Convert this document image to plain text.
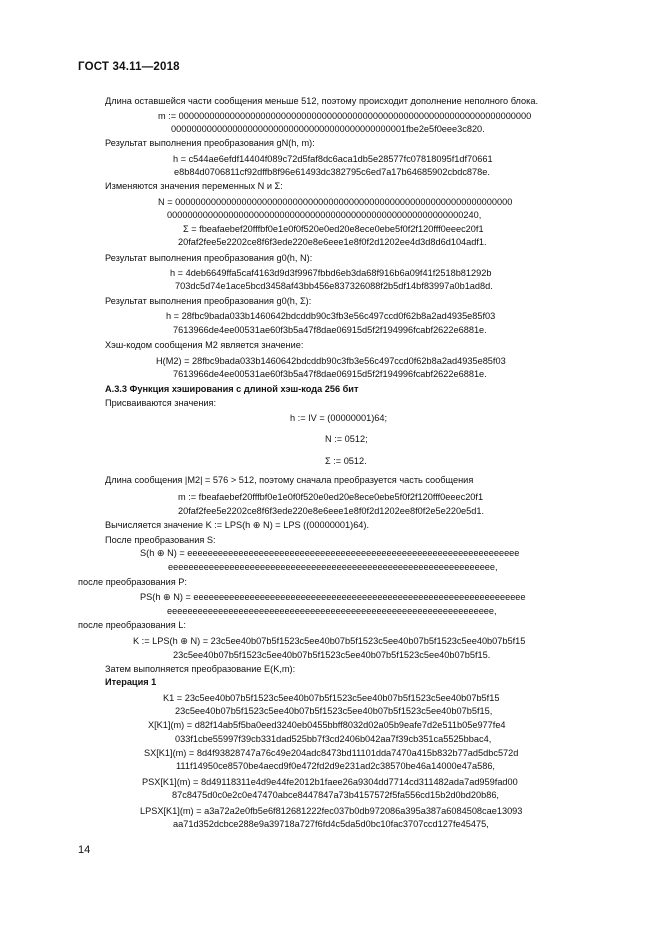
ГОСТ 34.11—2018
Длина оставшейся части сообщения меньше 512, поэтому происходит дополнение неполного блока.
m := 000000000000000000000000000000000000000000000000000000000000000000000
0000000000000000000000000000000000000000000001fbe2e5f0eee3c820.
Результат выполнения преобразования gN(h, m):
h = c544ae6efdf14404f089c72d5faf8dc6aca1db5e28577fc07818095f1df70661
e8b84d0706811cf92dffb8f96e61493dc382795c6ed7a17b64685902cbdc878e.
Изменяются значения переменных N и Σ:
N = 000000000000000000000000000000000000000000000000000000000000000000
0000000000000000000000000000000000000000000000000000000000240,
Σ = fbeafaebef20fffbf0e1e0f0f520e0ed20e8ece0ebe5f0f2f120fff0eeec20f1
20faf2fee5e2202ce8f6f3ede220e8e6eee1e8f0f2d1202ee4d3d8d6d104adf1.
Результат выполнения преобразования g0(h, N):
h = 4deb6649ffa5caf4163d9d3f9967fbbd6eb3da68f916b6a09f41f2518b81292b
703dc5d74e1ace5bcd3458af43bb456e837326088f2b5df14bf83997a0b1ad8d.
Результат выполнения преобразования g0(h, Σ):
h = 28fbc9bada033b1460642bdcddb90c3fb3e56c497ccd0f62b8a2ad4935e85f03
7613966de4ee00531ae60f3b5a47f8dae06915d5f2f194996fcabf2622e6881e.
Хэш-кодом сообщения M2 является значение:
H(M2) = 28fbc9bada033b1460642bdcddb90c3fb3e56c497ccd0f62b8a2ad4935e85f03
7613966de4ee00531ae60f3b5a47f8dae06915d5f2f194996fcabf2622e6881e.
А.3.3 Функция хэширования с длиной хэш-кода 256 бит
Присваиваются значения:
h := IV = (00000001)64;
N := 0512;
Σ := 0512.
Длина сообщения |M2| = 576 > 512, поэтому сначала преобразуется часть сообщения
m := fbeafaebef20fffbf0e1e0f0f520e0ed20e8ece0ebe5f0f2f120fff0eeec20f1
20faf2fee5e2202ce8f6f3ede220e8e6eee1e8f0f2d1202ee8f0f2e5e220e5d1.
Вычисляется значение K := LPS(h ⊕ N) = LPS ((00000001)64).
После преобразования S:
S(h ⊕ N) = eeeeeeeeeeeeeeeeeeeeeeeeeeeeeeeeeeeeeeeeeeeeeeeeeeeeeeeeeeeeeeeee
eeeeeeeeeeeeeeeeeeeeeeeeeeeeeeeeeeeeeeeeeeeeeeeeeeeeeeeeeeeeeeee,
после преобразования P:
PS(h ⊕ N) = eeeeeeeeeeeeeeeeeeeeeeeeeeeeeeeeeeeeeeeeeeeeeeeeeeeeeeeeeeeeeeeee
eeeeeeeeeeeeeeeeeeeeeeeeeeeeeeeeeeeeeeeeeeeeeeeeeeeeeeeeeeeeeeee,
после преобразования L:
K := LPS(h ⊕ N) = 23c5ee40b07b5f1523c5ee40b07b5f1523c5ee40b07b5f1523c5ee40b07b5f15
23c5ee40b07b5f1523c5ee40b07b5f1523c5ee40b07b5f1523c5ee40b07b5f15.
Затем выполняется преобразование E(K,m):
Итерация 1
K1 = 23c5ee40b07b5f1523c5ee40b07b5f1523c5ee40b07b5f1523c5ee40b07b5f15
23c5ee40b07b5f1523c5ee40b07b5f1523c5ee40b07b5f1523c5ee40b07b5f15,
X[K1](m) = d82f14ab5f5ba0eed3240eb0455bbff8032d02a05b9eafe7d2e511b05e977fe4
033f1cbe55997f39cb331dad525bb7f3cd2406b042aa7f39cb351ca5525bbac4,
SX[K1](m) = 8d4f93828747a76c49e204adc8473bd11101dda7470a415b832b77ad5dbc572d
111f14950ce8570be4aecd9f0e472fd2d9e231ad2c38570be46a14000e47a586,
PSX[K1](m) = 8d49118311e4d9e44fe2012b1faee26a9304dd7714cd311482ada7ad959fad00
87c8475d0c0e2c0e47470abce8447847a73b4157572f5fa556cd15b2d0bd20b86,
LPSX[K1](m) = a3a72a2e0fb5e6f812681222fec037b0db972086a395a387a6084508cae13093
aa71d352dcbce288e9a39718a727f6fd4c5da5d0bc10fac3707ccd127fe45475,
14
